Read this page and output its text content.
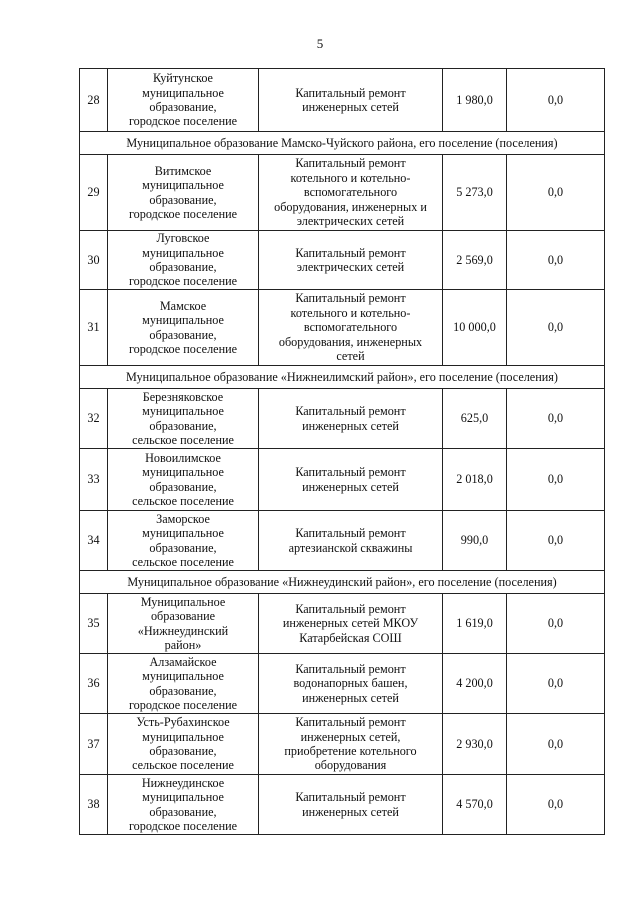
5
28	Куйтунское
муниципальное
образование,
городское поселение	Капитальный ремонт
инженерных сетей	1 980,0	0,0
Муниципальное образование Мамско-Чуйского района, его поселение (поселения)				
29	Витимское
муниципальное
образование,
городское поселение	Капитальный ремонт
котельного и котельно-
вспомогательного
оборудования, инженерных и
электрических сетей	5 273,0	0,0
30	Луговское
муниципальное
образование,
городское поселение	Капитальный ремонт
электрических сетей	2 569,0	0,0
31	Мамское
муниципальное
образование,
городское поселение	Капитальный ремонт
котельного и котельно-
вспомогательного
оборудования, инженерных
сетей	10 000,0	0,0
Муниципальное образование «Нижнеилимский район», его поселение (поселения)				
32	Березняковское
муниципальное
образование,
сельское поселение	Капитальный ремонт
инженерных сетей	625,0	0,0
33	Новоилимское
муниципальное
образование,
сельское поселение	Капитальный ремонт
инженерных сетей	2 018,0	0,0
34	Заморское
муниципальное
образование,
сельское поселение	Капитальный ремонт
артезианской скважины	990,0	0,0
Муниципальное образование «Нижнеудинский район», его поселение (поселения)				
35	Муниципальное
образование
«Нижнеудинский
район»	Капитальный ремонт
инженерных сетей МКОУ
Катарбейская СОШ	1 619,0	0,0
36	Алзамайское
муниципальное
образование,
городское поселение	Капитальный ремонт
водонапорных башен,
инженерных сетей	4 200,0	0,0
37	Усть-Рубахинское
муниципальное
образование,
сельское поселение	Капитальный ремонт
инженерных сетей,
приобретение котельного
оборудования	2 930,0	0,0
38	Нижнеудинское
муниципальное
образование,
городское поселение	Капитальный ремонт
инженерных сетей	4 570,0	0,0
